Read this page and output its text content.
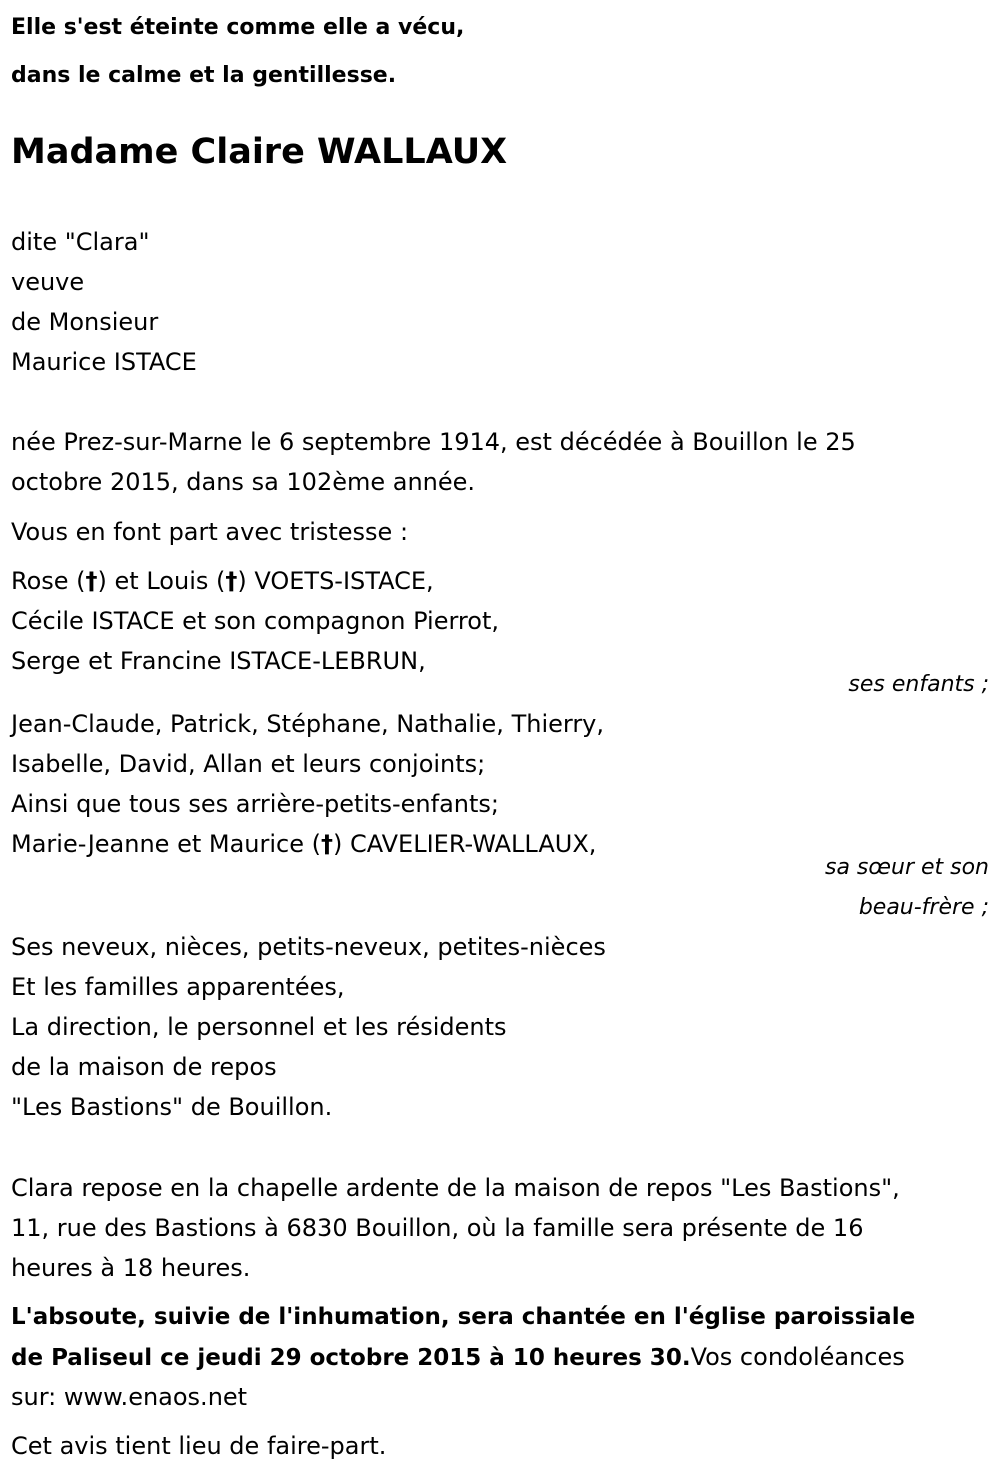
Elle s'est éteinte comme elle a vécu,
dans le calme et la gentillesse.
Madame Claire WALLAUX
dite "Clara"
veuve
de Monsieur
Maurice ISTACE
née Prez-sur-Marne le 6 septembre 1914, est décédée à Bouillon le 25
octobre 2015, dans sa 102ème année.
Vous en font part avec tristesse :
Rose (†) et Louis (†) VOETS-ISTACE,
Cécile ISTACE et son compagnon Pierrot,
Serge et Francine ISTACE-LEBRUN,
ses enfants ;
Jean-Claude, Patrick, Stéphane, Nathalie, Thierry,
Isabelle, David, Allan et leurs conjoints;
Ainsi que tous ses arrière-petits-enfants;
Marie-Jeanne et Maurice (†) CAVELIER-WALLAUX,
sa sœur et son
beau-frère ;
Ses neveux, nièces, petits-neveux, petites-nièces
Et les familles apparentées,
La direction, le personnel et les résidents
de la maison de repos
"Les Bastions" de Bouillon.
Clara repose en la chapelle ardente de la maison de repos "Les Bastions",
11, rue des Bastions à 6830 Bouillon, où la famille sera présente de 16
heures à 18 heures.
L'absoute, suivie de l'inhumation, sera chantée en l'église paroissiale
de Paliseul ce jeudi 29 octobre 2015 à 10 heures 30.Vos condoléances
sur: www.enaos.net
Cet avis tient lieu de faire-part.
